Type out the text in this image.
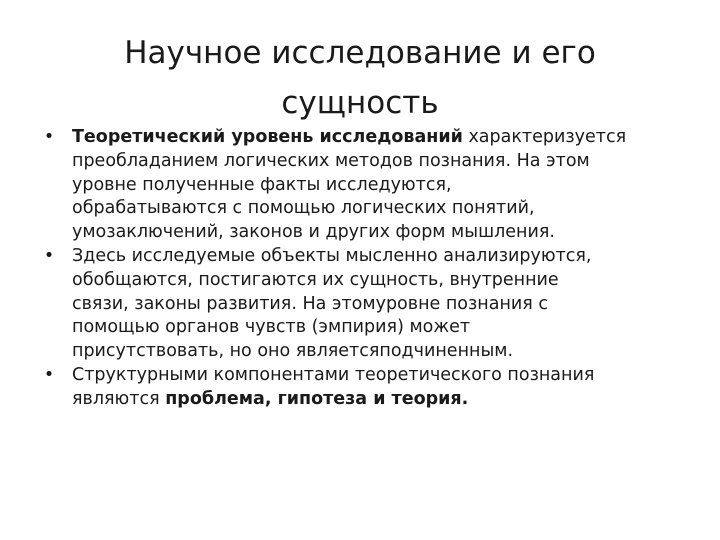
Научное исследование и его
сущность
• Теоретический уровень исследований характеризуется
преобладанием логических методов познания. На этом
уровне полученные факты исследуются,
обрабатываются с помощью логических понятий,
умозаключений, законов и других форм мышления.
• Здесь исследуемые объекты мысленно анализируются,
обобщаются, постигаются их сущность, внутренние
связи, законы развития. На этомуровне познания с
помощью органов чувств (эмпирия) может
присутствовать, но оно являетсяподчиненным.
• Структурными компонентами теоретического познания
являются проблема, гипотеза и теория.
